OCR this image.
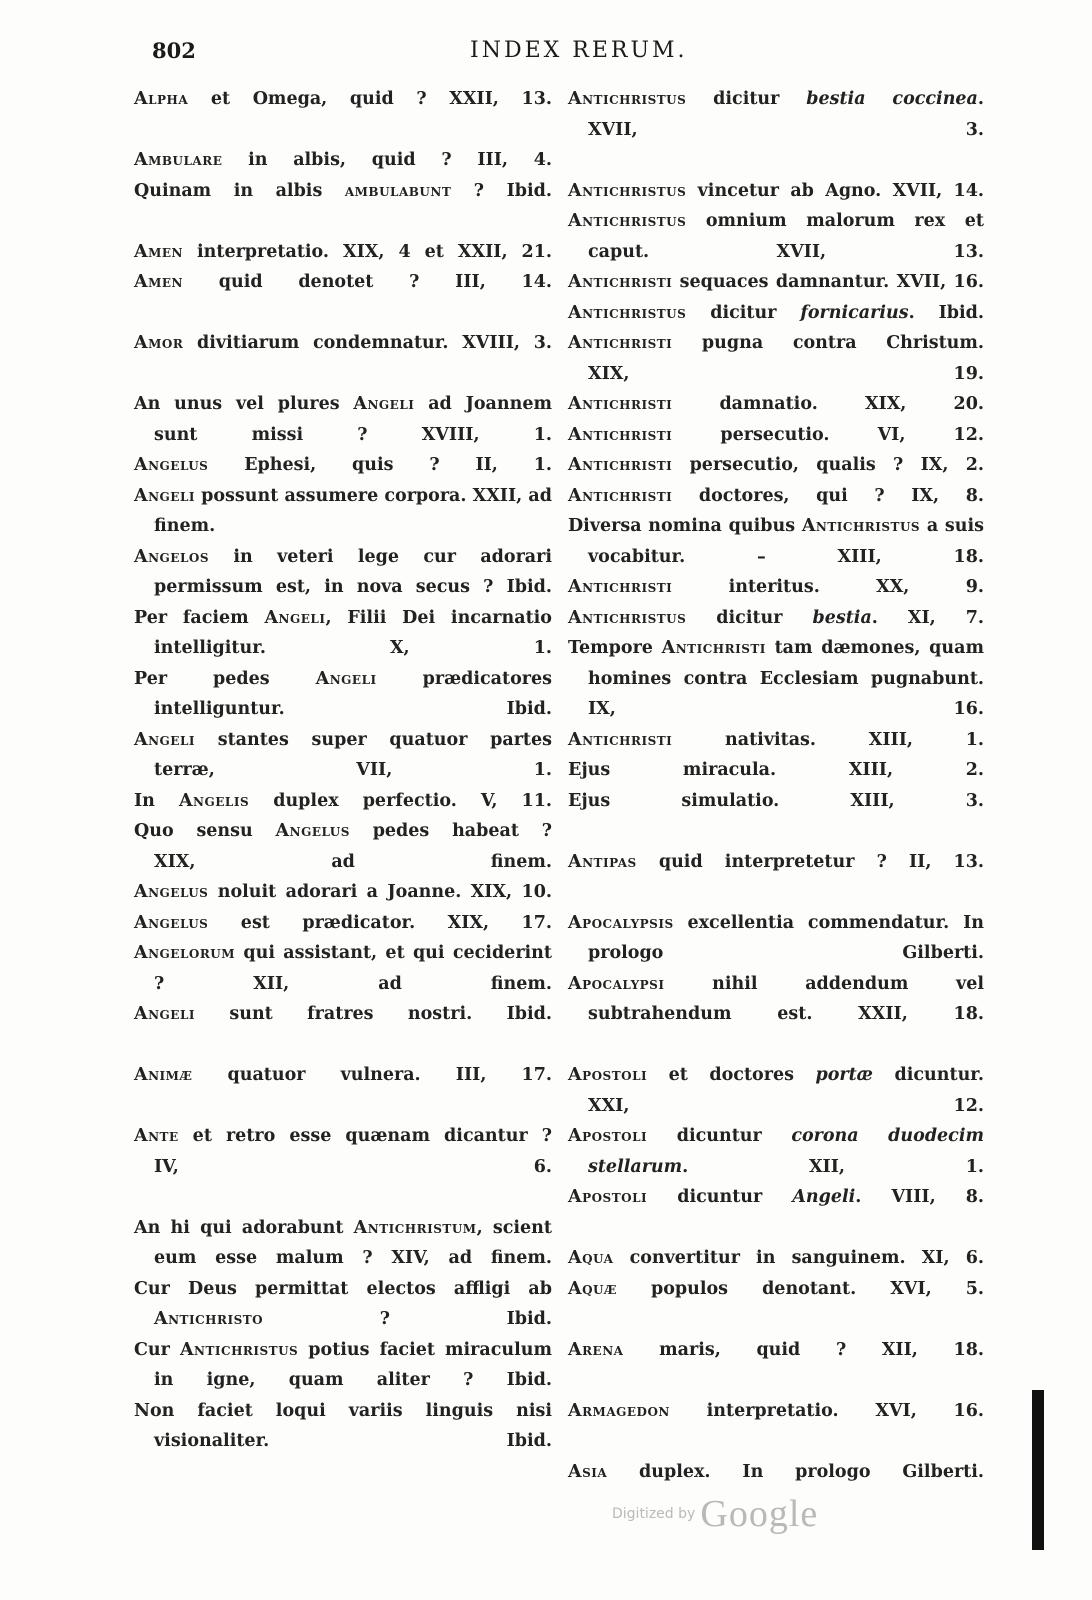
802	INDEX RERUM.
Alpha et Omega, quid ? XXII, 13.
Ambulare in albis, quid ? III, 4.
Quinam in albis ambulabunt ? Ibid.
Amen interpretatio. XIX, 4 et XXII, 21.
Amen quid denotet ? III, 14.
Amor divitiarum condemnatur. XVIII, 3.
An unus vel plures Angeli ad Joannem sunt missi ? XVIII, 1.
Angelus Ephesi, quis ? II, 1.
Angeli possunt assumere corpora. XXII, ad finem.
Angelos in veteri lege cur adorari permissum est, in nova secus ? Ibid.
Per faciem Angeli, Filii Dei incarnatio intelligitur. X, 1.
Per pedes Angeli prædicatores intelliguntur. Ibid.
Angeli stantes super quatuor partes terræ, VII, 1.
In Angelis duplex perfectio. V, 11.
Quo sensu Angelus pedes habeat ? XIX, ad finem.
Angelus noluit adorari a Joanne. XIX, 10.
Angelus est prædicator. XIX, 17.
Angelorum qui assistant, et qui ceciderint ? XII, ad finem.
Angeli sunt fratres nostri. Ibid.
Animæ quatuor vulnera. III, 17.
Ante et retro esse quænam dicantur ? IV, 6.
An hi qui adorabunt Antichristum, scient eum esse malum ? XIV, ad finem.
Cur Deus permittat electos affligi ab Antichristo ? Ibid.
Cur Antichristus potius faciet miraculum in igne, quam aliter ? Ibid.
Non faciet loqui variis linguis nisi visionaliter. Ibid.
Antichristus dicitur bestia coccinea. XVII, 3.
Antichristus vincetur ab Agno. XVII, 14.
Antichristus omnium malorum rex et caput. XVII, 13.
Antichristi sequaces damnantur. XVII, 16.
Antichristus dicitur fornicarius. Ibid.
Antichristi pugna contra Christum. XIX, 19.
Antichristi damnatio. XIX, 20.
Antichristi persecutio. VI, 12.
Antichristi persecutio, qualis ? IX, 2.
Antichristi doctores, qui ? IX, 8.
Diversa nomina quibus Antichristus a suis vocabitur. – XIII, 18.
Antichristi interitus. XX, 9.
Antichristus dicitur bestia. XI, 7.
Tempore Antichristi tam dæmones, quam homines contra Ecclesiam pugnabunt. IX, 16.
Antichristi nativitas. XIII, 1.
Ejus miracula. XIII, 2.
Ejus simulatio. XIII, 3.
Antipas quid interpretetur ? II, 13.
Apocalypsis excellentia commendatur. In prologo Gilberti.
Apocalypsi nihil addendum vel subtrahendum est. XXII, 18.
Apostoli et doctores portæ dicuntur. XXI, 12.
Apostoli dicuntur corona duodecim stellarum. XII, 1.
Apostoli dicuntur Angeli. VIII, 8.
Aqua convertitur in sanguinem. XI, 6.
Aquæ populos denotant. XVI, 5.
Arena maris, quid ? XII, 18.
Armagedon interpretatio. XVI, 16.
Asia duplex. In prologo Gilberti.
Digitized by Google
